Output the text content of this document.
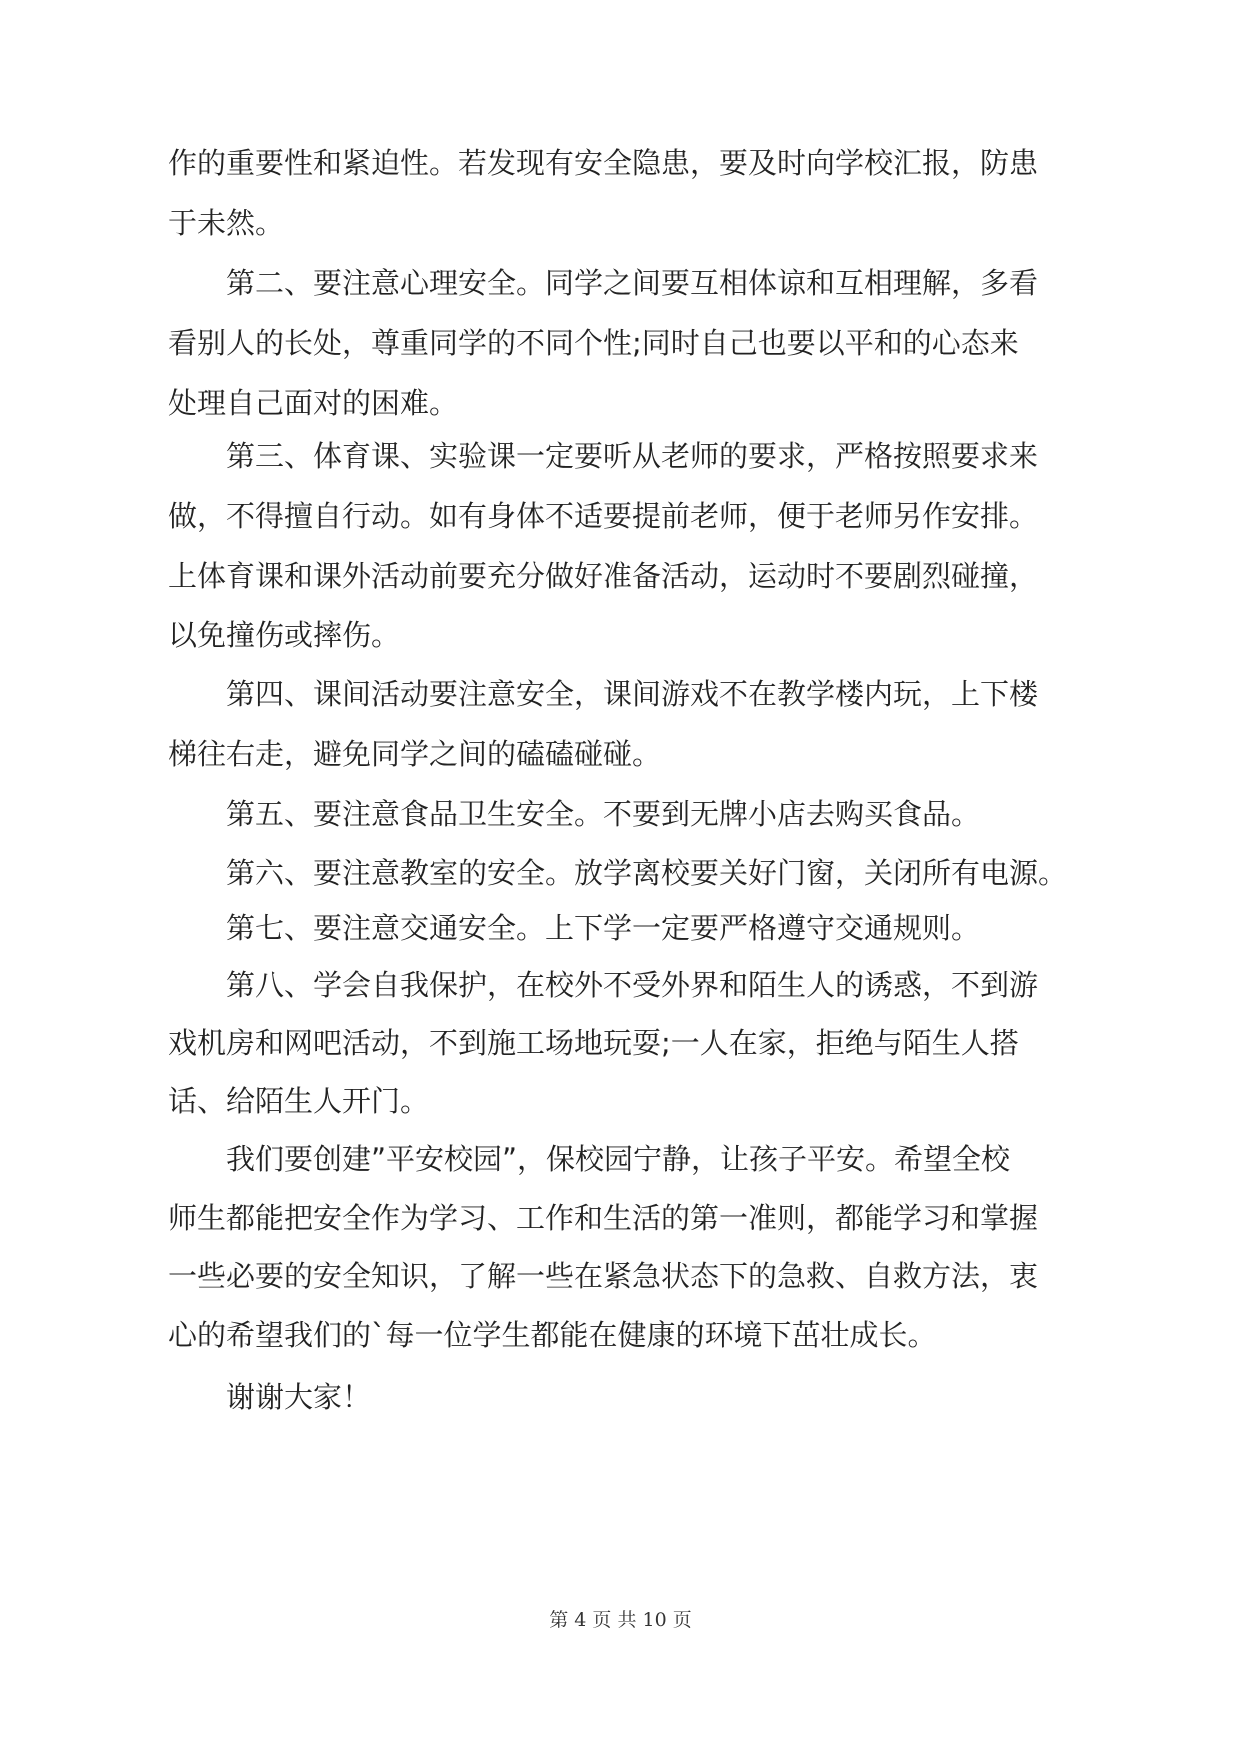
作的重要性和紧迫性。若发现有安全隐患，要及时向学校汇报，防患
于未然。
第二、要注意心理安全。同学之间要互相体谅和互相理解，多看
看别人的长处，尊重同学的不同个性;同时自己也要以平和的心态来
处理自己面对的困难。
第三、体育课、实验课一定要听从老师的要求，严格按照要求来
做，不得擅自行动。如有身体不适要提前老师，便于老师另作安排。
上体育课和课外活动前要充分做好准备活动，运动时不要剧烈碰撞，
以免撞伤或摔伤。
第四、课间活动要注意安全，课间游戏不在教学楼内玩，上下楼
梯往右走，避免同学之间的磕磕碰碰。
第五、要注意食品卫生安全。不要到无牌小店去购买食品。
第六、要注意教室的安全。放学离校要关好门窗，关闭所有电源。
第七、要注意交通安全。上下学一定要严格遵守交通规则。
第八、学会自我保护，在校外不受外界和陌生人的诱惑，不到游
戏机房和网吧活动，不到施工场地玩耍;一人在家，拒绝与陌生人搭
话、给陌生人开门。
我们要创建”平安校园”，保校园宁静，让孩子平安。希望全校
师生都能把安全作为学习、工作和生活的第一准则，都能学习和掌握
一些必要的安全知识，了解一些在紧急状态下的急救、自救方法，衷
心的希望我们的`每一位学生都能在健康的环境下茁壮成长。
谢谢大家！
第 4 页 共 10 页
